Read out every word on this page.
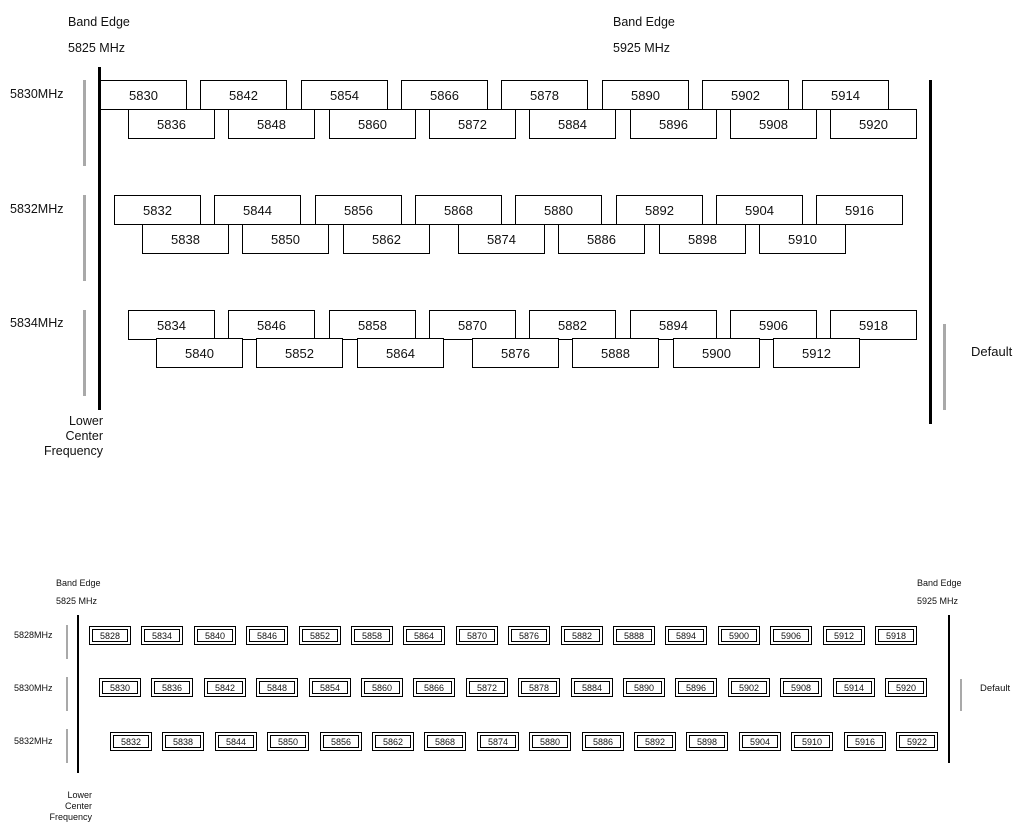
Band Edge
5825 MHz
Band Edge
5925 MHz
5830MHz
5832MHz
5834MHz
Default
Lower
Center
Frequency
5830	5842	5854	5866	5878	5890	5902	5914
5836	5848	5860	5872	5884	5896	5908	5920
5832	5844	5856	5868	5880	5892	5904	5916
5838	5850	5862	5874	5886	5898	5910
5834	5846	5858	5870	5882	5894	5906	5918
5840	5852	5864	5876	5888	5900	5912
Band Edge
5825 MHz
Band Edge
5925 MHz
5828MHz
5830MHz
5832MHz
Default
Lower
Center
Frequency
5828	5834	5840	5846	5852	5858	5864	5870	5876	5882	5888	5894	5900	5906	5912	5918
5830	5836	5842	5848	5854	5860	5866	5872	5878	5884	5890	5896	5902	5908	5914	5920
5832	5838	5844	5850	5856	5862	5868	5874	5880	5886	5892	5898	5904	5910	5916	5922
